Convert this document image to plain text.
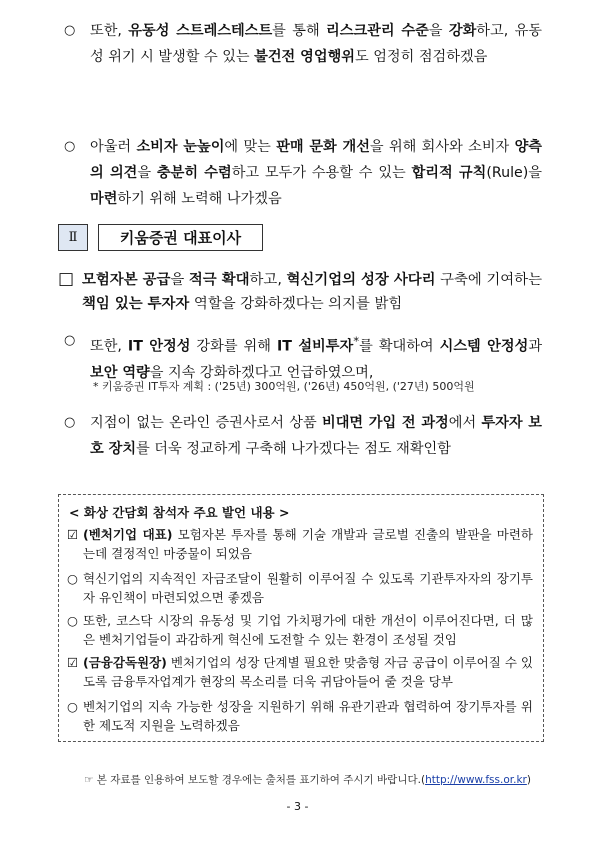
○ 또한, 유동성 스트레스테스트를 통해 리스크관리 수준을 강화하고, 유동성 위기 시 발생할 수 있는 불건전 영업행위도 엄정히 점검하겠음
○ 아울러 소비자 눈높이에 맞는 판매 문화 개선을 위해 회사와 소비자 양측의 의견을 충분히 수렴하고 모두가 수용할 수 있는 합리적 규칙(Rule)을 마련하기 위해 노력해 나가겠음
Ⅱ	키움증권 대표이사
□ 모험자본 공급을 적극 확대하고, 혁신기업의 성장 사다리 구축에 기여하는 책임 있는 투자자 역할을 강화하겠다는 의지를 밝힘
○ 또한, IT 안정성 강화를 위해 IT 설비투자*를 확대하여 시스템 안정성과 보안 역량을 지속 강화하겠다고 언급하였으며,
* 키움증권 IT투자 계획 : ('25년) 300억원, ('26년) 450억원, ('27년) 500억원
○ 지점이 없는 온라인 증권사로서 상품 비대면 가입 전 과정에서 투자자 보호 장치를 더욱 정교하게 구축해 나가겠다는 점도 재확인함
< 화상 간담회 참석자 주요 발언 내용 >
☑ (벤처기업 대표) 모험자본 투자를 통해 기술 개발과 글로벌 진출의 발판을 마련하는데 결정적인 마중물이 되었음
○ 혁신기업의 지속적인 자금조달이 원활히 이루어질 수 있도록 기관투자자의 장기투자 유인책이 마련되었으면 좋겠음
○ 또한, 코스닥 시장의 유동성 및 기업 가치평가에 대한 개선이 이루어진다면, 더 많은 벤처기업들이 과감하게 혁신에 도전할 수 있는 환경이 조성될 것임
☑ (금융감독원장) 벤처기업의 성장 단계별 필요한 맞춤형 자금 공급이 이루어질 수 있도록 금융투자업계가 현장의 목소리를 더욱 귀담아들어 줄 것을 당부
○ 벤처기업의 지속 가능한 성장을 지원하기 위해 유관기관과 협력하여 장기투자를 위한 제도적 지원을 노력하겠음
☞ 본 자료를 인용하여 보도할 경우에는 출처를 표기하여 주시기 바랍니다.(http://www.fss.or.kr)
- 3 -
